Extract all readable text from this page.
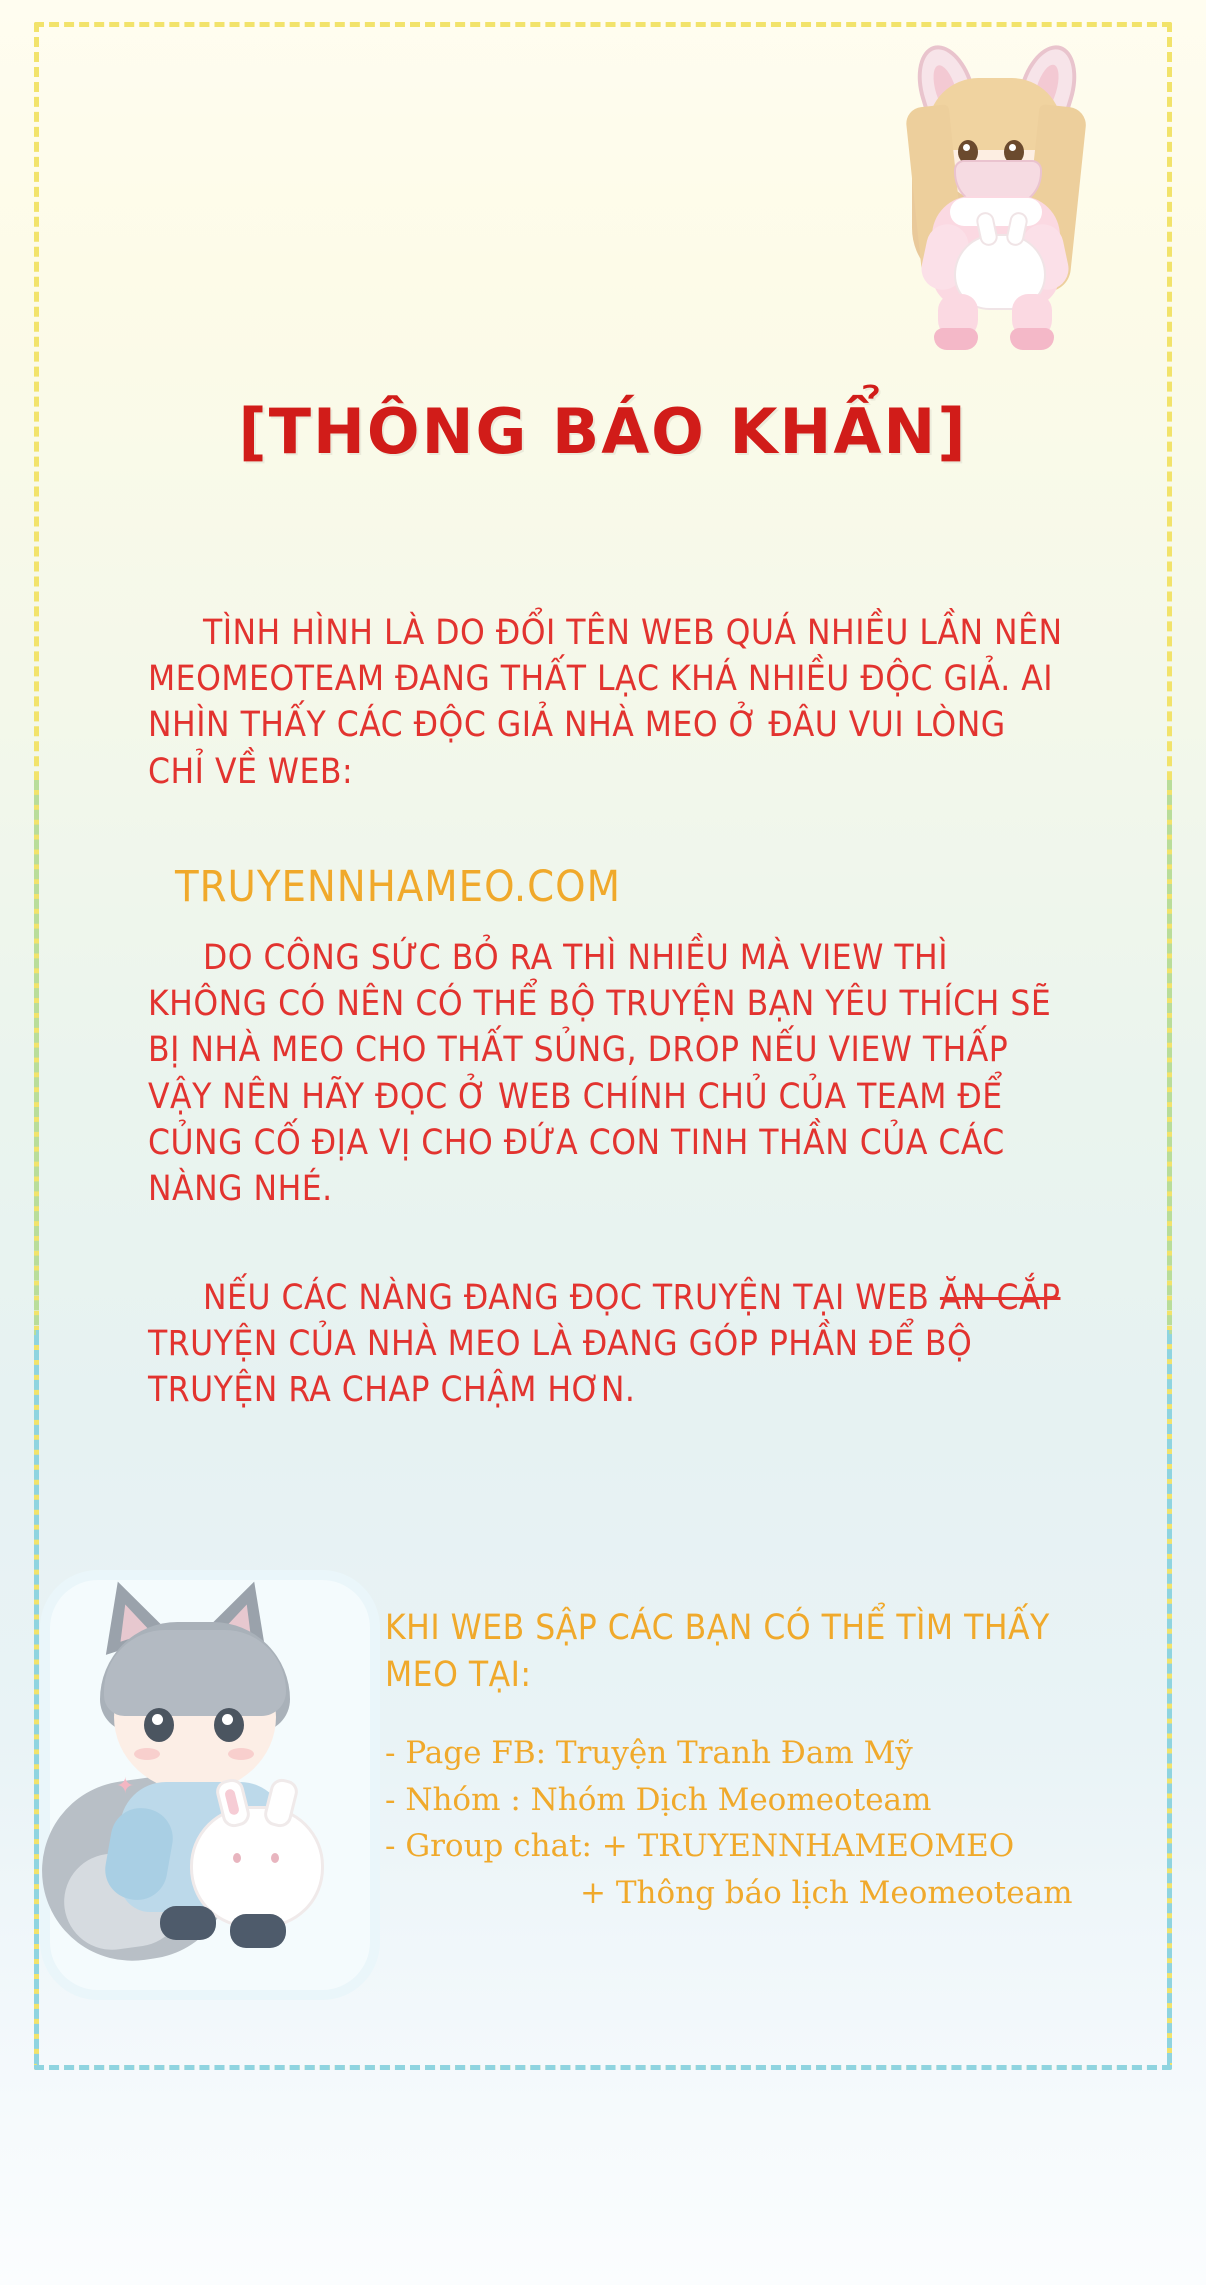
[THÔNG BÁO KHẨN]
TÌNH HÌNH LÀ DO ĐỔI TÊN WEB QUÁ NHIỀU LẦN NÊN MEOMEOTEAM ĐANG THẤT LẠC KHÁ NHIỀU ĐỘC GIẢ. AI NHÌN THẤY CÁC ĐỘC GIẢ NHÀ MEO Ở ĐÂU VUI LÒNG CHỈ VỀ WEB:
TRUYENNHAMEO.COM
DO CÔNG SỨC BỎ RA THÌ NHIỀU MÀ VIEW THÌ KHÔNG CÓ NÊN CÓ THỂ BỘ TRUYỆN BẠN YÊU THÍCH SẼ BỊ NHÀ MEO CHO THẤT SỦNG, DROP NẾU VIEW THẤP VẬY NÊN HÃY ĐỌC Ở WEB CHÍNH CHỦ CỦA TEAM ĐỂ CỦNG CỐ ĐỊA VỊ CHO ĐỨA CON TINH THẦN CỦA CÁC NÀNG NHÉ.
NẾU CÁC NÀNG ĐANG ĐỌC TRUYỆN TẠI WEB ĂN CẮP TRUYỆN CỦA NHÀ MEO LÀ ĐANG GÓP PHẦN ĐỂ BỘ TRUYỆN RA CHAP CHẬM HƠN.
✦
KHI WEB SẬP CÁC BẠN CÓ THỂ TÌM THẤY MEO TẠI:
- Page FB: Truyện Tranh Đam Mỹ
- Nhóm : Nhóm Dịch Meomeoteam
- Group chat: + TRUYENNHAMEOMEO
+ Thông báo lịch Meomeoteam
